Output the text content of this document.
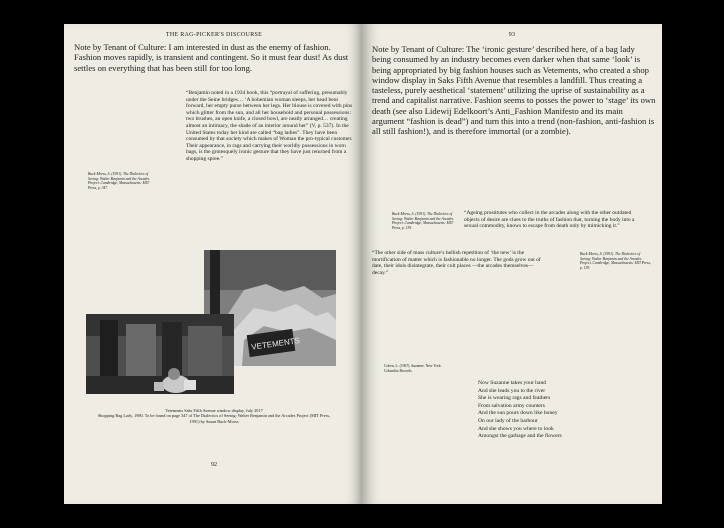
THE RAG-PICKER'S DISCOURSE
Note by Tenant of Culture: I am interested in dust as the enemy of fashion. Fashion moves rapidly, is transient and contingent. So it must fear dust! As dust settles on everything that has been still for too long.
“Benjamin noted in a 1934 book, this “portrayal of suffering, presumably under the Seine bridges… ‘A bohemian woman sleeps, her head bent forward, her empty purse between her legs. Her blouse is covered with pins which glitter from the sun, and all her household and personal possessions: two brushes, an open knife, a closed bowl, are neatly arranged… creating almost an intimacy, the shade of an interior around her” (V, p. 537). In the United States today her kind are called “bag ladies”. They have been consumed by that society which makes of Woman the pro-typical customer. Their appearance, in rags and carrying their worldly possessions in worn bags, is the grotesquely ironic gesture that they have just returned from a shopping spree.”
Buck-Morss, S. (1991). The Dialectics of Seeing: Walter Benjamin and the Arcades Project. Cambridge, Massachusetts: MIT Press, p. 347.
VETEMENTS
Vetements Saks Fifth Avenue window display, July 2017
Shopping Bag Lady, 1980. To be found on page 347 of The Dialectics of Seeing: Walter Benjamin and the Arcades Project (MIT Press, 1991) by Susan Buck-Morss
92
93
Note by Tenant of Culture: The ‘ironic gesture’ described here, of a bag lady being consumed by an industry becomes even darker when that same ‘look’ is being appropriated by big fashion houses such as Vetements, who created a shop window display in Saks Fifth Avenue that resembles a landfill. Thus creating a tasteless, purely aesthetical ‘statement’ utilizing the uprise of sustainability as a trend and capitalist narrative. Fashion seems to posses the power to ‘stage’ its own death (see also Lidewij Edelkoort’s Anti_Fashion Manifesto and its main argument “fashion is dead”) and turn this into a trend (non-fashion, anti-fashion is all still fashion!), and is therefore immortal (or a zombie).
Buck-Morss, S. (1991). The Dialectics of Seeing: Walter Benjamin and the Arcades Project. Cambridge, Massachusetts: MIT Press, p. 139.
“Ageing prostitutes who collect in the arcades along with the other outdated objects of desire are clues to the truths of fashion that, turning the body into a sexual commodity, knows to escape from death only by mimicking it.”
“The other side of mass culture’s hellish repetition of ‘the new’ is the mortification of matter which is fashionable no longer. The gods grow out of date, their idols disintegrate, their cult places —the arcades themselves— decay.”
Buck-Morss, S. (1991). The Dialectics of Seeing: Walter Benjamin and the Arcades Project. Cambridge, Massachusetts: MIT Press, p. 139.
Cohen, L. (1967). Suzanne. New York: Columbia Records.
Now Suzanne takes your hand
And she leads you to the river
She is wearing rags and feathers
From salvation army counters
And the sun pours down like honey
On our lady of the harbour
And she shows you where to look
Amongst the garbage and the flowers
